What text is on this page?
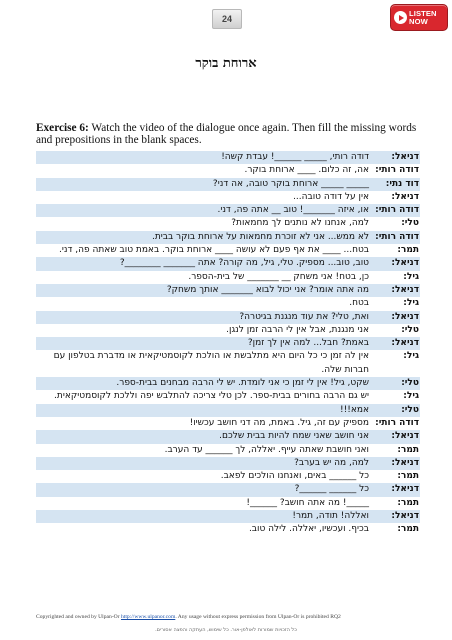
24
LISTEN
NOW
ארוחת בוקר
Exercise 6: Watch the video of the dialogue once again. Then fill the missing words and prepositions in the blank spaces.
דניאל:
דודה רותי, _____ ______! עבדת קשה!
דודה רותי:
אה, זה כלום. ____ ארוחת בוקר.
דוד נתי:
_____ _____ ארוחת בוקר טובה, אה דני?
דניאל:
אין על דודה טובה...
דודה רותי:
או, איזה _______! טוב __ אתה פה, דני.
טלי:
למה, אנחנו לא נותנים לך מחמאות?
דודה רותי:
לא ממש... אני לא זוכרת מחמאות על ארוחת בוקר בבית.
תמר:
בטח... ____ את אף פעם לא עושה ____ ארוחת בוקר. באמת טוב שאתה פה, דני.
דניאל:
טוב, טוב... מספיק. טלי, גיל, מה קורה? אתה _______ ________?
גיל:
כן, בטח! אני משחק __ _______ של בית-הספר.
דניאל:
מה אתה אומר? אני יכול לבוא _______ אותך משחק?
גיל:
בטח.
דניאל:
ואת, טלי? את עוד מנגנת בגיטרה?
טלי:
אני מנגנת, אבל אין לי הרבה זמן לנגן.
דניאל:
באמת? חבל... למה אין לך זמן?
גיל:
אין לה זמן כי כל היום היא מתלבשת או הולכת לקוסמטיקאית או מדברת בטלפון עם חברות שלה.
טלי:
שקט, גיל! אין לי זמן כי אני לומדת. יש לי הרבה מבחנים בבית-ספר.
גיל:
יש גם הרבה בחורים בבית-ספר. לכן טלי צריכה להתלבש יפה וללכת לקוסמטיקאית.
טלי:
אמא!!!
דודה רותי:
מספיק עם זה, גיל. באמת, מה דני חושב עכשיו!
דניאל:
אני חושב שאני שמח להיות בבית שלכם.
תמר:
ואני חושבת שאתה עייף. יאללה, לך ______ עד הערב.
דניאל:
למה, מה יש בערב?
תמר:
כל ______ באים, ואנחנו הולכים לפאב.
דניאל:
כל ______ ______?
תמר:
_____! מה אתה חושב? ______!
דניאל:
ואללה! תודה, תמר!
תמר:
בכיף. ועכשיו, יאללה. לילה טוב.
Copyrighted and owned by Ulpan-Or http://www.ulpanor.com. Any usage without express permission from Ulpan-Or is prohibited RQ2
כל הזכויות שמורות לאולפן-אור. כל שימוש, העתקה והפצה אסורים.
